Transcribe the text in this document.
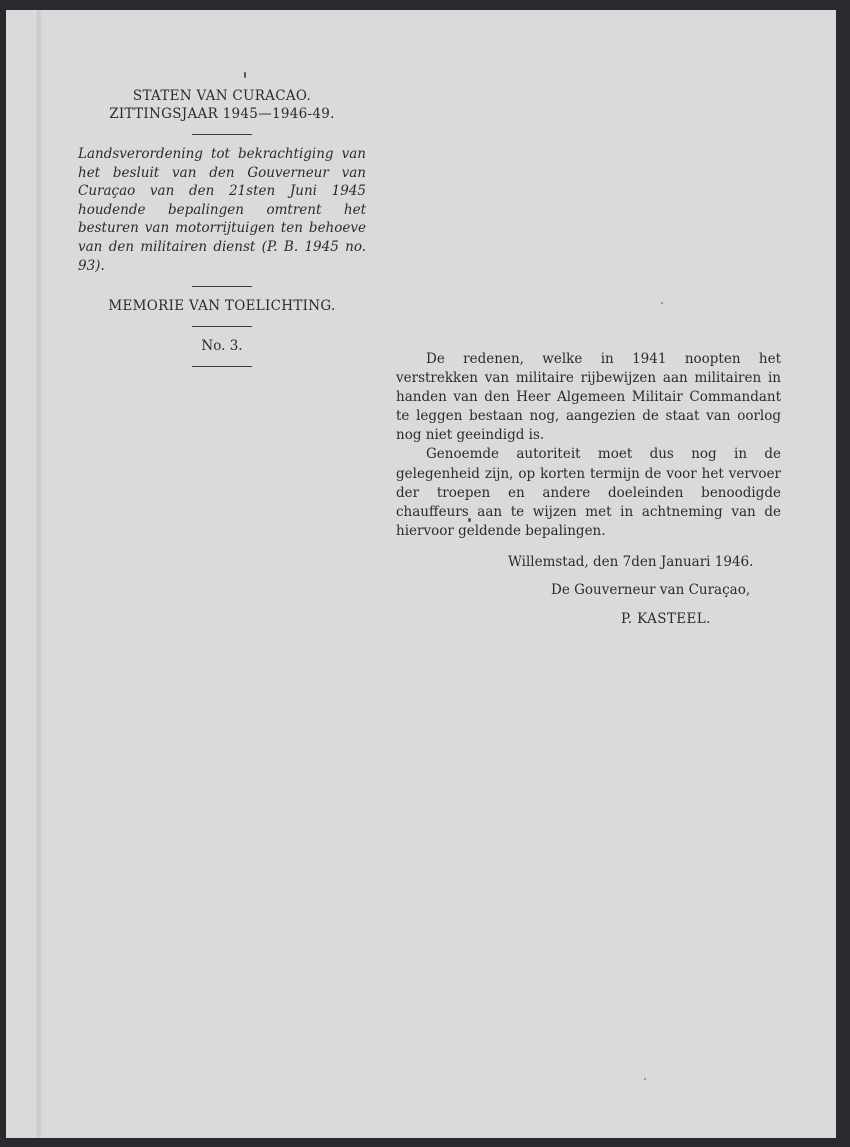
STATEN VAN CURACAO.

ZITTINGSJAAR 1945—1946-49.

Landsverordening tot bekrachtiging van het besluit van den Gouverneur van Curaçao van den 21sten Juni 1945 houdende bepalingen omtrent het besturen van motorrijtuigen ten behoeve van den militairen dienst (P. B. 1945 no. 93).

MEMORIE VAN TOELICHTING.

No. 3.

De redenen, welke in 1941 noopten het verstrekken van militaire rijbewijzen aan militairen in handen van den Heer Algemeen Militair Commandant te leggen bestaan nog, aangezien de staat van oorlog nog niet geeindigd is.

Genoemde autoriteit moet dus nog in de gelegenheid zijn, op korten termijn de voor het vervoer der troepen en andere doeleinden benoodigde chauffeurs aan te wijzen met in achtneming van de hiervoor geldende bepalingen.

Willemstad, den 7den Januari 1946.

De Gouverneur van Curaçao,

P. KASTEEL.
